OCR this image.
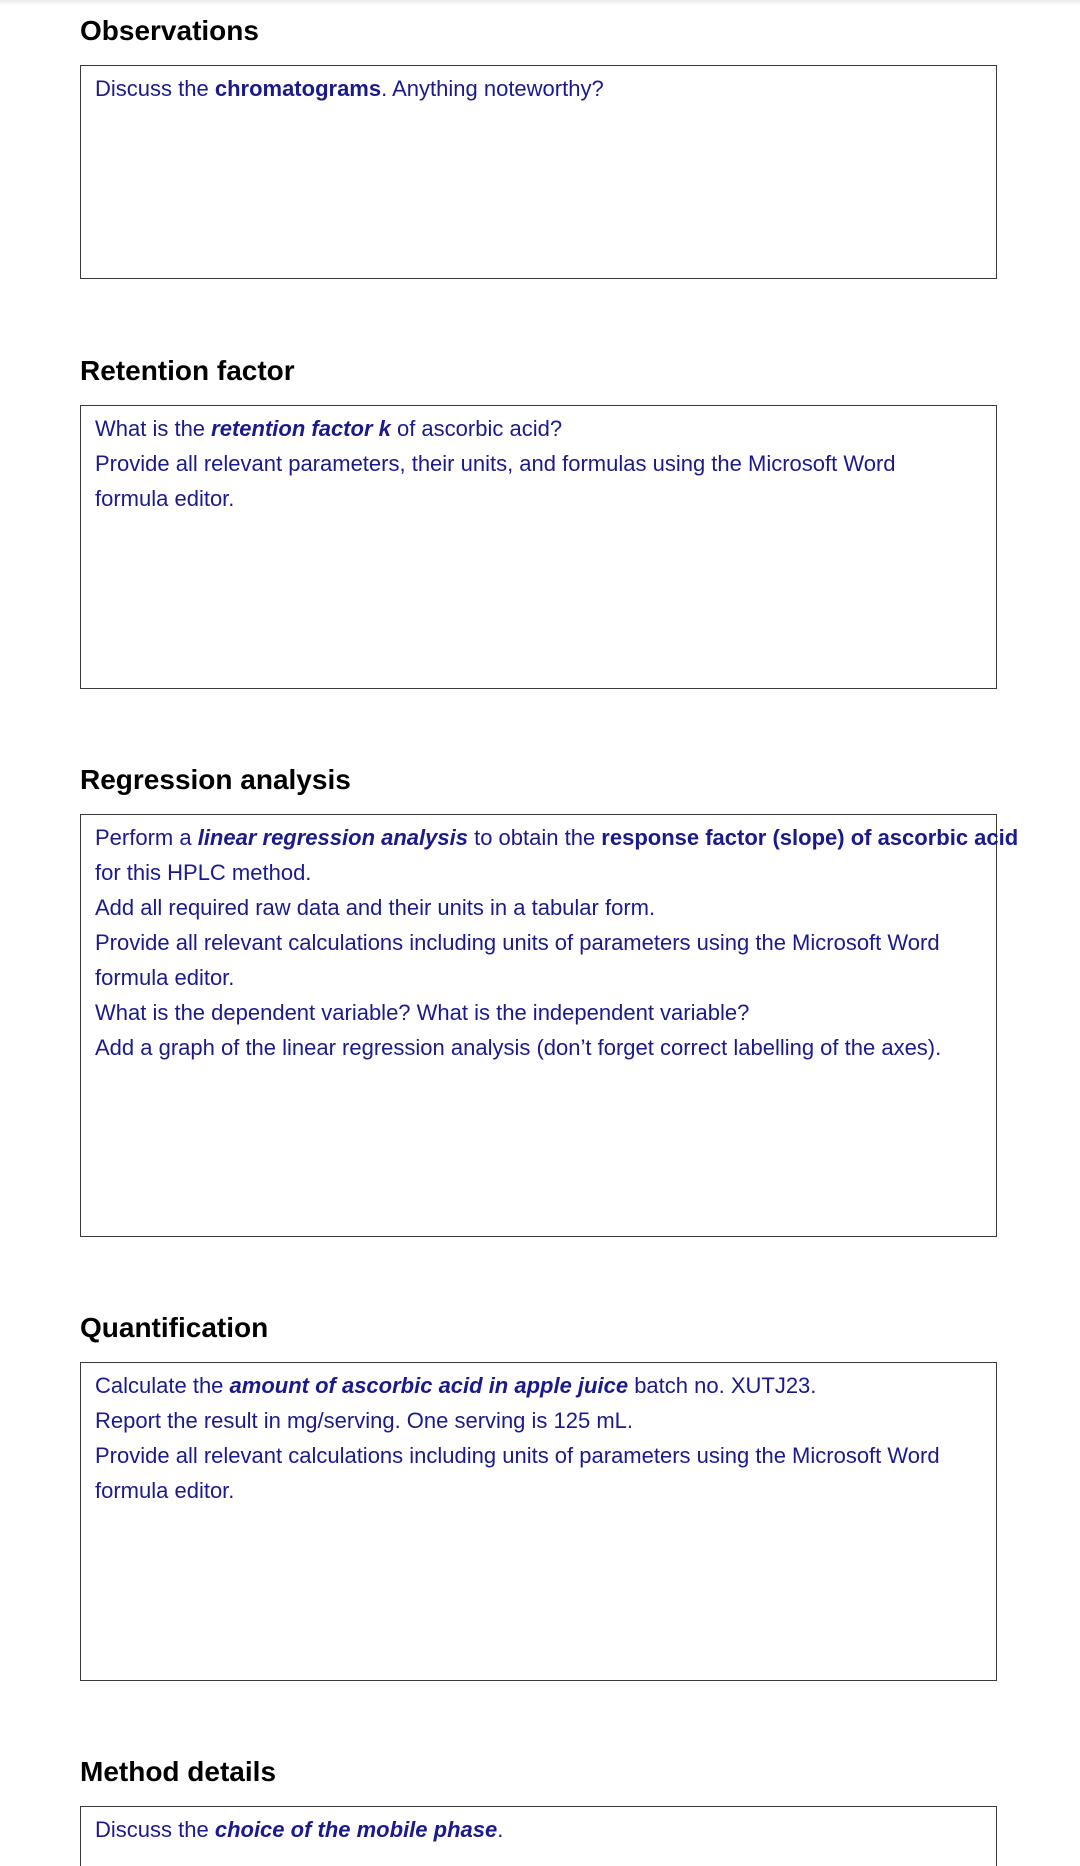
Observations

Discuss the chromatograms. Anything noteworthy?

Retention factor

What is the retention factor k of ascorbic acid?

Provide all relevant parameters, their units, and formulas using the Microsoft Word

formula editor.

Regression analysis

Perform a linear regression analysis to obtain the response factor (slope) of ascorbic acid

for this HPLC method.

Add all required raw data and their units in a tabular form.

Provide all relevant calculations including units of parameters using the Microsoft Word

formula editor.

What is the dependent variable? What is the independent variable?

Add a graph of the linear regression analysis (don’t forget correct labelling of the axes).

Quantification

Calculate the amount of ascorbic acid in apple juice batch no. XUTJ23.

Report the result in mg/serving. One serving is 125 mL.

Provide all relevant calculations including units of parameters using the Microsoft Word

formula editor.

Method details

Discuss the choice of the mobile phase.
